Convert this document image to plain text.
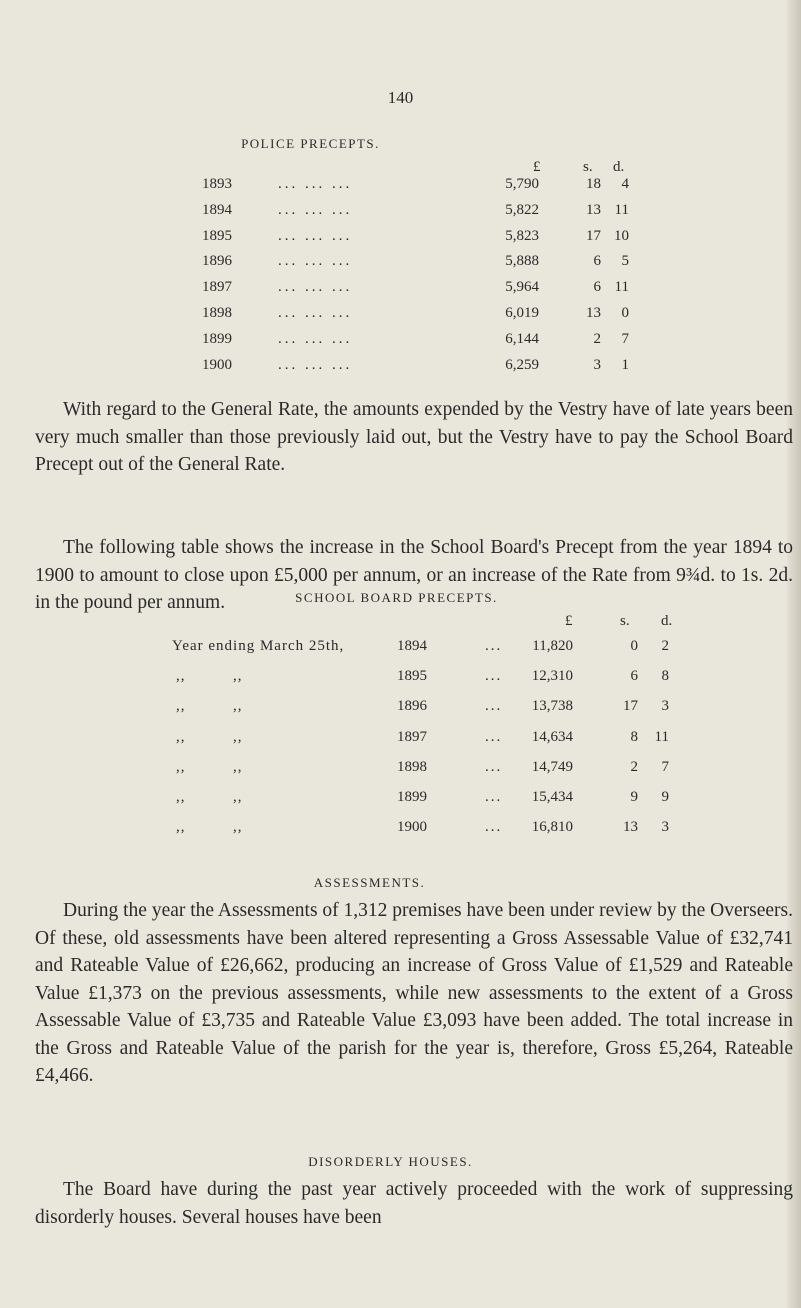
140
POLICE PRECEPTS.
£	s. d.
1893	... ... ...	5,790	18 4
1894	... ... ...	5,822	13 11
1895	... ... ...	5,823	17 10
1896	... ... ...	5,888	6 5
1897	... ... ...	5,964	6 11
1898	... ... ...	6,019	13 0
1899	... ... ...	6,144	2 7
1900	... ... ...	6,259	3 1

With regard to the General Rate, the amounts expended by the Vestry have of late years been very much smaller than those previously laid out, but the Vestry have to pay the School Board Precept out of the General Rate.

The following table shows the increase in the School Board's Precept from the year 1894 to 1900 to amount to close upon £5,000 per annum, or an increase of the Rate from 9¾d. to 1s. 2d. in the pound per annum.	SCHOOL BOARD PRECEPTS.
£	s. d.
Year ending March 25th,	1894	... 11,820	0 2
,,          ,,	1895	... 12,310	6 8
,,          ,,	1896	... 13,738	17 3
,,          ,,	1897	... 14,634	8 11
,,          ,,	1898	... 14,749	2 7
,,          ,,	1899	... 15,434	9 9
,,          ,,	1900	... 16,810	13 3
ASSESSMENTS.

During the year the Assessments of 1,312 premises have been under review by the Overseers. Of these, old assessments have been altered representing a Gross Assessable Value of £32,741 and Rateable Value of £26,662, producing an increase of Gross Value of £1,529 and Rateable Value £1,373 on the previous assessments, while new assessments to the extent of a Gross Assessable Value of £3,735 and Rateable Value £3,093 have been added. The total increase in the Gross and Rateable Value of the parish for the year is, therefore, Gross £5,264, Rateable £4,466.

DISORDERLY HOUSES.

The Board have during the past year actively proceeded with the work of suppressing disorderly houses. Several houses have been
